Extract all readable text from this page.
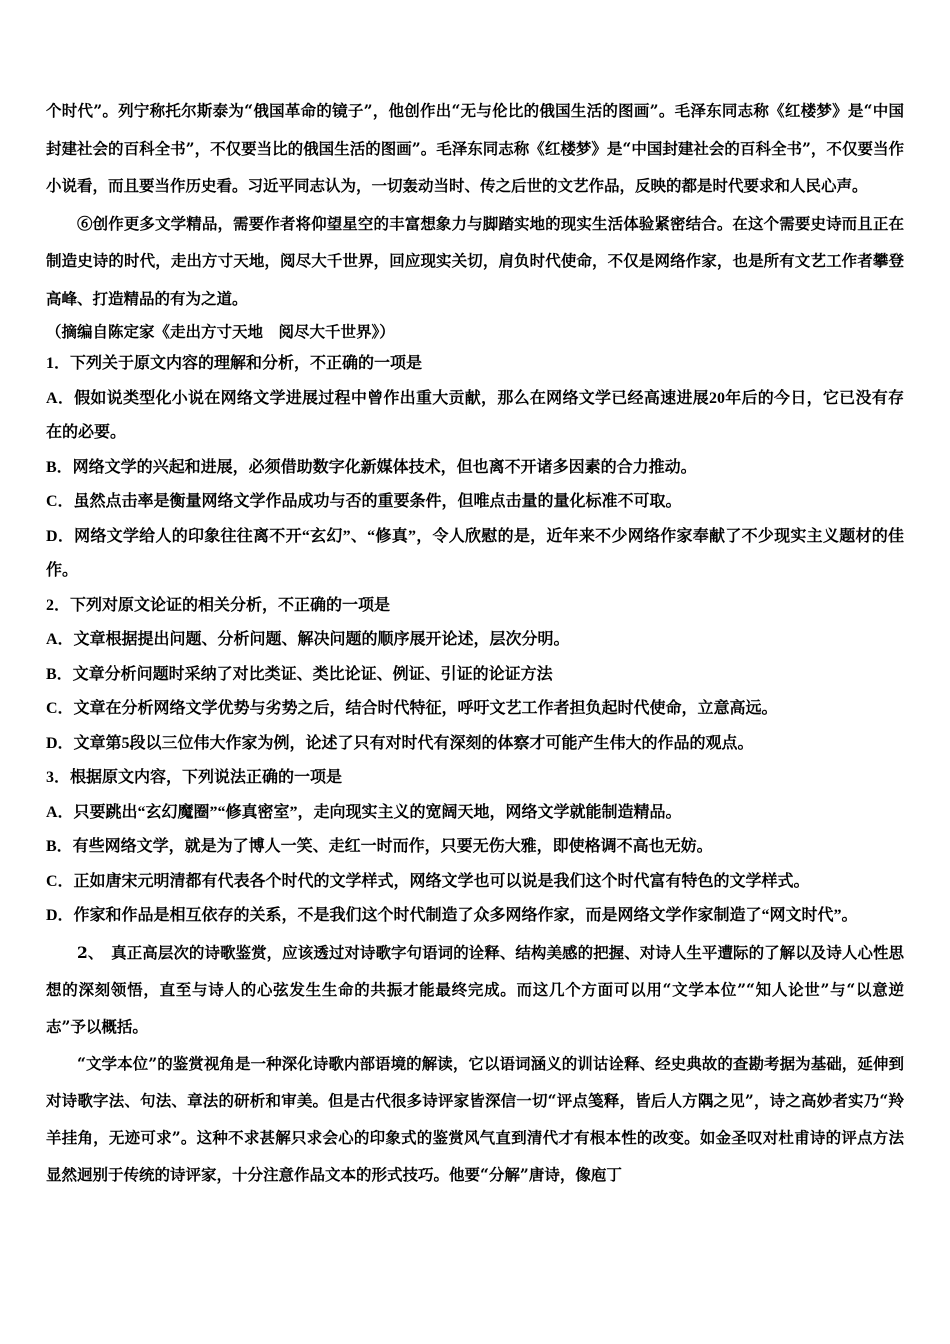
个时代”。列宁称托尔斯泰为“俄国革命的镜子”，他创作出“无与伦比的俄国生活的图画”。毛泽东同志称《红楼梦》是“中国封建社会的百科全书”，不仅要当比的俄国生活的图画”。毛泽东同志称《红楼梦》是“中国封建社会的百科全书”，不仅要当作小说看，而且要当作历史看。习近平同志认为，一切轰动当时、传之后世的文艺作品，反映的都是时代要求和人民心声。

⑥创作更多文学精品，需要作者将仰望星空的丰富想象力与脚踏实地的现实生活体验紧密结合。在这个需要史诗而且正在制造史诗的时代，走出方寸天地，阅尽大千世界，回应现实关切，肩负时代使命，不仅是网络作家，也是所有文艺工作者攀登高峰、打造精品的有为之道。

（摘编自陈定家《走出方寸天地　阅尽大千世界》）

1．下列关于原文内容的理解和分析，不正确的一项是

A．假如说类型化小说在网络文学进展过程中曾作出重大贡献，那么在网络文学已经高速进展20年后的今日，它已没有存在的必要。

B．网络文学的兴起和进展，必须借助数字化新媒体技术，但也离不开诸多因素的合力推动。

C．虽然点击率是衡量网络文学作品成功与否的重要条件，但唯点击量的量化标准不可取。

D．网络文学给人的印象往往离不开“玄幻”、“修真”，令人欣慰的是，近年来不少网络作家奉献了不少现实主义题材的佳作。

2．下列对原文论证的相关分析，不正确的一项是

A．文章根据提出问题、分析问题、解决问题的顺序展开论述，层次分明。

B．文章分析问题时采纳了对比类证、类比论证、例证、引证的论证方法

C．文章在分析网络文学优势与劣势之后，结合时代特征，呼吁文艺工作者担负起时代使命，立意高远。

D．文章第5段以三位伟大作家为例，论述了只有对时代有深刻的体察才可能产生伟大的作品的观点。

3．根据原文内容，下列说法正确的一项是

A．只要跳出“玄幻魔圈”“修真密室”，走向现实主义的宽阔天地，网络文学就能制造精品。

B．有些网络文学，就是为了博人一笑、走红一时而作，只要无伤大雅，即使格调不高也无妨。

C．正如唐宋元明清都有代表各个时代的文学样式，网络文学也可以说是我们这个时代富有特色的文学样式。

D．作家和作品是相互依存的关系，不是我们这个时代制造了众多网络作家，而是网络文学作家制造了“网文时代”。

2、　真正高层次的诗歌鉴赏，应该透过对诗歌字句语词的诠释、结构美感的把握、对诗人生平遭际的了解以及诗人心性思想的深刻领悟，直至与诗人的心弦发生生命的共振才能最终完成。而这几个方面可以用“文学本位”“知人论世”与“以意逆志”予以概括。

“文学本位”的鉴赏视角是一种深化诗歌内部语境的解读，它以语词涵义的训诂诠释、经史典故的查勘考据为基础，延伸到对诗歌字法、句法、章法的研析和审美。但是古代很多诗评家皆深信一切“评点笺释，皆后人方隅之见”，诗之高妙者实乃“羚羊挂角，无迹可求”。这种不求甚解只求会心的印象式的鉴赏风气直到清代才有根本性的改变。如金圣叹对杜甫诗的评点方法显然迥别于传统的诗评家，十分注意作品文本的形式技巧。他要“分解”唐诗，像庖丁
